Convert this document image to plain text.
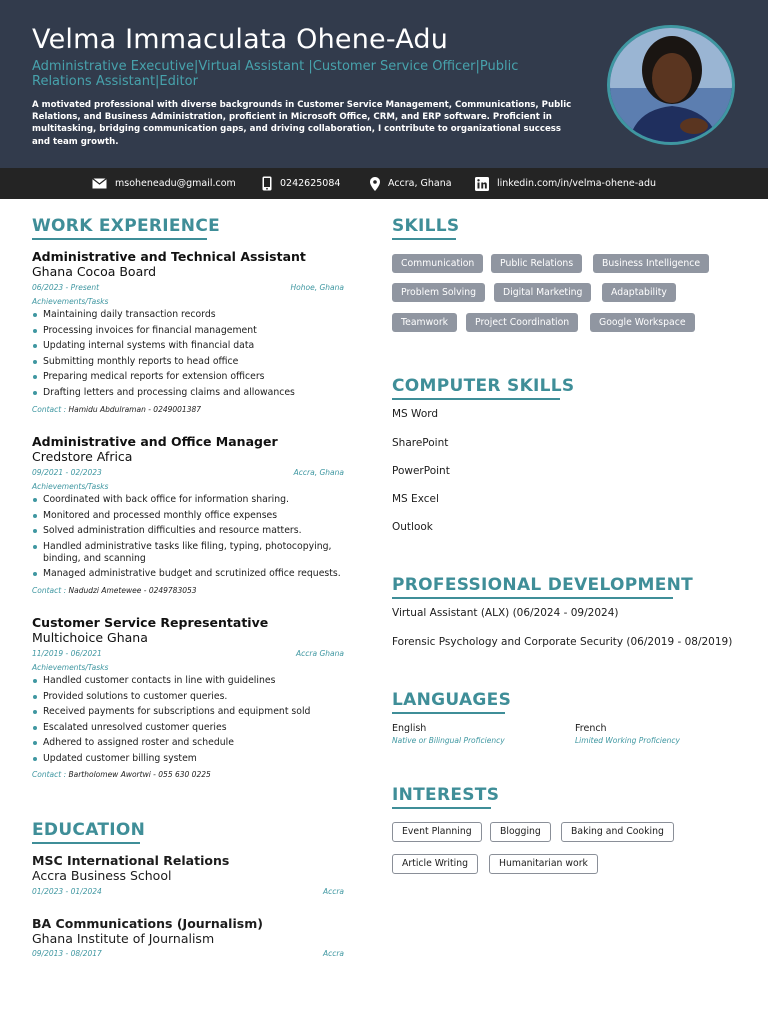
Velma Immaculata Ohene-Adu
Administrative Executive|Virtual Assistant |Customer Service Officer|Public Relations Assistant|Editor
A motivated professional with diverse backgrounds in Customer Service Management, Communications, Public Relations, and Business Administration, proficient in Microsoft Office, CRM, and ERP software. Proficient in multitasking, bridging communication gaps, and driving collaboration, I contribute to organizational success and team growth.
msoheneadu@gmail.com	0242625084	Accra, Ghana	linkedin.com/in/velma-ohene-adu
WORK EXPERIENCE
Administrative and Technical Assistant
Ghana Cocoa Board
06/2023 - Present	Hohoe, Ghana
Achievements/Tasks
Maintaining daily transaction records
Processing invoices for financial management
Updating internal systems with financial data
Submitting monthly reports to head office
Preparing medical reports for extension officers
Drafting letters and processing claims and allowances
Contact : Hamidu Abdulraman - 0249001387
Administrative and Office Manager
Credstore Africa
09/2021 - 02/2023	Accra, Ghana
Achievements/Tasks
Coordinated with back office for information sharing.
Monitored and processed monthly office expenses
Solved administration difficulties and resource matters.
Handled administrative tasks like filing, typing, photocopying, binding, and scanning
Managed administrative budget and scrutinized office requests.
Contact : Nadudzi Ametewee - 0249783053
Customer Service Representative
Multichoice Ghana
11/2019 - 06/2021	Accra Ghana
Achievements/Tasks
Handled customer contacts in line with guidelines
Provided solutions to customer queries.
Received payments for subscriptions and equipment sold
Escalated unresolved customer queries
Adhered to assigned roster and schedule
Updated customer billing system
Contact : Bartholomew Awortwi - 055 630 0225
EDUCATION
MSC International Relations
Accra Business School
01/2023 - 01/2024	Accra
BA Communications (Journalism)
Ghana Institute of Journalism
09/2013 - 08/2017	Accra
SKILLS
Communication	Public Relations	Business Intelligence
Problem Solving	Digital Marketing	Adaptability
Teamwork	Project Coordination	Google Workspace
COMPUTER SKILLS
MS Word
SharePoint
PowerPoint
MS Excel
Outlook
PROFESSIONAL DEVELOPMENT
Virtual Assistant (ALX) (06/2024 - 09/2024)
Forensic Psychology and Corporate Security (06/2019 - 08/2019)
LANGUAGES
English
Native or Bilingual Proficiency
French
Limited Working Proficiency
INTERESTS
Event Planning	Blogging	Baking and Cooking
Article Writing	Humanitarian work
